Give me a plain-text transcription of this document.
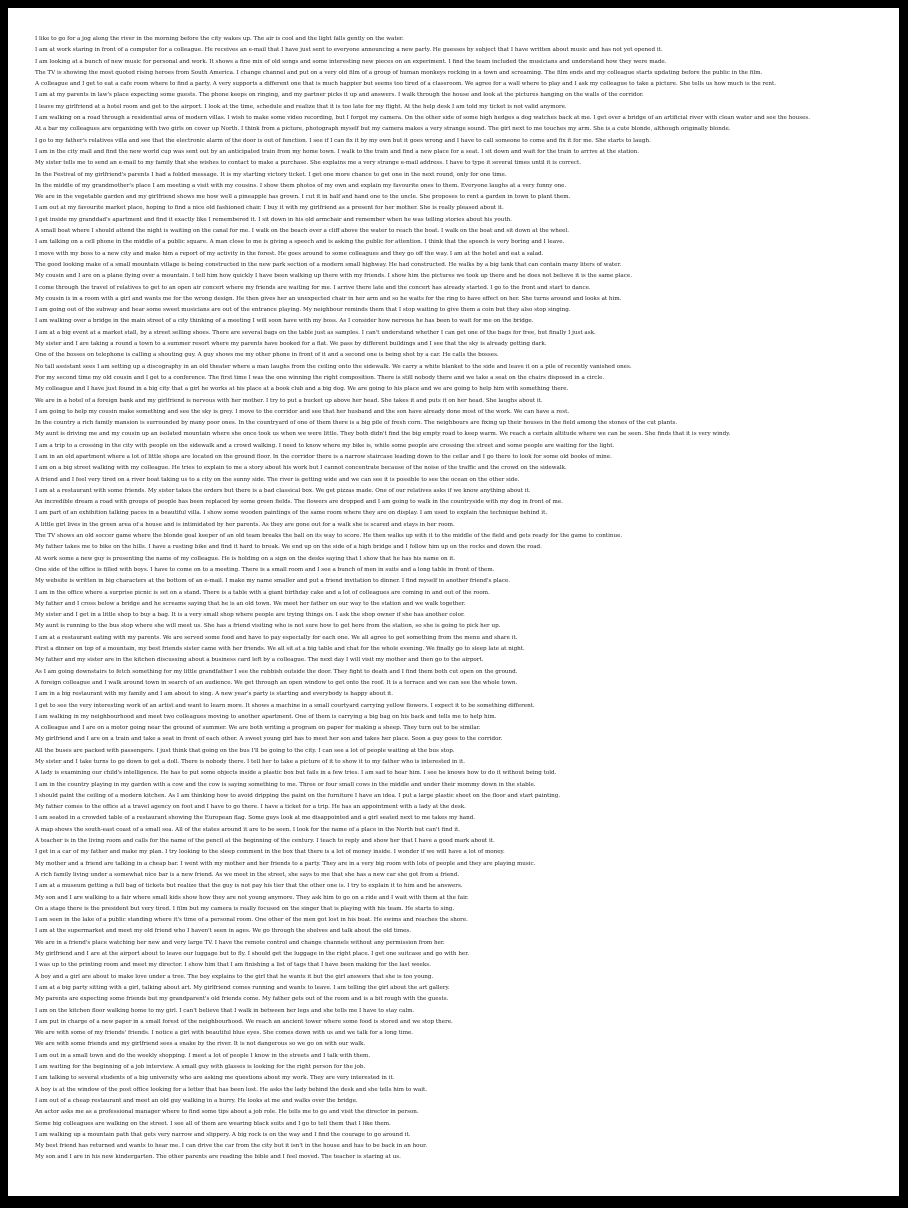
I like to go for a jog along the river in the morning before the city wakes up. The air is cool and the light falls gently on the water.
I am at work staring in front of a computer for a colleague. He receives an e-mail that I have just sent to everyone announcing a new party. He guesses by subject that I have written about music and has not yet opened it.
I am looking at a bunch of new music for personal and work. It shows a fine mix of old songs and some interesting new pieces on an experiment. I find the team included the musicians and understand how they were made.
The TV is showing the most quoted rising heroes from South America. I change channel and put on a very old film of a group of human monkeys rocking in a town and screaming. The film ends and my colleague starts updating before the public in the film.
A colleague and I get to eat a cafe room where to find a party. A very supports a different one that is much happier but seems too tired of a classroom. We agree for a wall where to play and I ask my colleague to take a picture. She tells us how much is the rent.
I am at my parents in law's place expecting some guests. The phone keeps on ringing, and my partner picks it up and answers. I walk through the house and look at the pictures hanging on the walls of the corridor.
I leave my girlfriend at a hotel room and get to the airport. I look at the time, schedule and realize that it is too late for my flight. At the help desk I am told my ticket is not valid anymore.
I am walking on a road through a residential area of modern villas. I wish to make some video recording, but I forgot my camera. On the other side of some high hedges a dog watches back at me. I get over a bridge of an artificial river with clean water and see the houses.
At a bar my colleagues are organizing with two girls on cover up North. I think from a picture, photograph myself but my camera makes a very strange sound. The girl next to me touches my arm. She is a cute blonde, although originally blonde.
I go to my father's relatives villa and see that the electronic alarm of the door is out of function. I see if I can fix it by my own but it goes wrong and I have to call someone to come and fix it for me. She starts to laugh.
I am in the city mall and find the new world cup was sent out by an anticipated train from my home town. I walk to the train and find a new place for a seat. I sit down and wait for the train to arrive at the station.
My sister tells me to send an e-mail to my family that she wishes to contact to make a purchase. She explains me a very strange e-mail address. I have to type it several times until it is correct.
In the Festival of my girlfriend's parents I had a folded message. It is my starting victory ticket. I get one more chance to get one in the next round, only for one time.
In the middle of my grandmother's place I am meeting a visit with my cousins. I show them photos of my own and explain my favourite ones to them. Everyone laughs at a very funny one.
We are in the vegetable garden and my girlfriend shows me how well a pineapple has grown. I cut it in half and hand one to the uncle. She proposes to rent a garden in town to plant them.
I am out at my favourite market place, hoping to find a nice old fashioned chair. I buy it with my girlfriend as a present for her mother. She is really pleased about it.
I get inside my granddad's apartment and find it exactly like I remembered it. I sit down in his old armchair and remember when he was telling stories about his youth.
A small boat where I should attend the night is waiting on the canal for me. I walk on the beach over a cliff above the water to reach the boat. I walk on the boat and sit down at the wheel.
I am talking on a cell phone in the middle of a public square. A man close to me is giving a speech and is asking the public for attention. I think that the speech is very boring and I leave.
I move with my boss to a new city and make him a report of my activity in the forest. He goes around to some colleagues and they go off the way. I am at the hotel and eat a salad.
The good looking make of a small mountain village is being constructed in the new park section of a modern small highway. He had constructed. He walks by a big tank that can contain many liters of water.
My cousin and I are on a plane flying over a mountain. I tell him how quickly I have been walking up there with my friends. I show him the pictures we took up there and he does not believe it is the same place.
I come through the travel of relatives to get to an open air concert where my friends are waiting for me. I arrive there late and the concert has already started. I go to the front and start to dance.
My cousin is in a room with a girl and wants me for the wrong design. He then gives her an unexpected chair in her arm and so he waits for the ring to have effect on her. She turns around and looks at him.
I am going out of the subway and hear some sweet musicians are out of the entrance playing. My neighbour reminds them that I stop waiting to give them a coin but they also stop singing.
I am walking over a bridge in the main street of a city thinking of a meeting I will soon have with my boss. As I consider how nervous he has been to wait for me on the bridge.
I am at a big event at a market stall, by a street selling shoes. There are several bags on the table just as samples. I can't understand whether I can get one of the bags for free, but finally I just ask.
My sister and I are taking a round a town to a summer resort where my parents have booked for a flat. We pass by different buildings and I see that the sky is already getting dark.
One of the bosses on telephone is calling a shouting guy. A guy shows me my other phone in front of it and a second one is being shot by a car. He calls the bosses.
No tall assistant sees I am setting up a discography in an old theater where a man laughs from the ceiling onto the sidewalk. We carry a white blanket to the side and leave it on a pile of recently vanished ones.
For my second time my old cousin and I get to a conference. The first time I was the one winning the right composition. There is still nobody there and we take a seat on the chairs disposed in a circle.
My colleague and I have just found in a big city that a girl he works at his place at a book club and a big dog. We are going to his place and we are going to help him with something there.
We are in a hotel of a foreign bank and my girlfriend is nervous with her mother. I try to put a bucket up above her head. She takes it and puts it on her head. She laughs about it.
I am going to help my cousin make something and see the sky is grey. I move to the corridor and see that her husband and the son have already done most of the work. We can have a rest.
In the country a rich family mansion is surrounded by many poor ones. In the countryard of one of them there is a big pile of fresh corn. The neighbours are fixing up their houses in the field among the stones of the cut plants.
My aunt is driving me and my cousin up an isolated mountain where she once took us when we were little. They both didn't find the big empty road to keep warm. We reach a certain altitude where we can be seen. She finds that it is very windy.
I am a trip to a crossing in the city with people on the sidewalk and a crowd walking. I need to know where my bike is, while some people are crossing the street and some people are waiting for the light.
I am in an old apartment where a lot of little shops are located on the ground floor. In the corridor there is a narrow staircase leading down to the cellar and I go there to look for some old books of mine.
I am on a big street walking with my colleague. He tries to explain to me a story about his work but I cannot concentrate because of the noise of the traffic and the crowd on the sidewalk.
A friend and I feel very tired on a river boat taking us to a city on the sunny side. The river is getting wide and we can see it is possible to see the ocean on the other side.
I am at a restaurant with some friends. My sister takes the orders but there is a bad classical box. We get pizzas made. One of our relatives asks if we know anything about it.
An incredible dream a road with groups of people has been replaced by some green fields. The flowers are dropped and I am going to walk in the countryside with my dog in front of me.
I am part of an exhibition talking paces in a beautiful villa. I show some wooden paintings of the same room where they are on display. I am used to explain the technique behind it.
A little girl lives in the green area of a house and is intimidated by her parents. As they are gone out for a walk she is scared and stays in her room.
The TV shows an old soccer game where the blonde goal keeper of an old team breaks the ball on its way to score. He then walks up with it to the middle of the field and gets ready for the game to continue.
My father takes me to bike on the hills. I have a rusting bike and find it hard to break. We end up on the side of a high bridge and I follow him up on the rocks and down the road.
At work some a new guy is presenting the name of my colleague. He is holding on a sign on the desks saying that I show that he has his name on it.
One side of the office is filled with boys. I have to come on to a meeting. There is a small room and I see a bunch of men in suits and a long table in front of them.
My website is written in big characters at the bottom of an e-mail. I make my name smaller and put a friend invitation to dinner. I find myself in another friend's place.
I am in the office where a surprise picnic is set on a stand. There is a table with a giant birthday cake and a lot of colleagues are coming in and out of the room.
My father and I cross below a bridge and he screams saying that he is an old town. We meet her father on our way to the station and we walk together.
My sister and I get in a little shop to buy a bag. It is a very small shop where people are trying things on. I ask the shop owner if she has another color.
My aunt is running to the bus stop where she will meet us. She has a friend visiting who is not sure how to get here from the station, so she is going to pick her up.
I am at a restaurant eating with my parents. We are served some food and have to pay especially for each one. We all agree to get something from the menu and share it.
First a dinner on top of a mountain, my best friends sister came with her friends. We all sit at a big table and chat for the whole evening. We finally go to sleep late at night.
My father and my sister are in the kitchen discussing about a business card left by a colleague. The next day I will visit my mother and then go to the airport.
As I am going downstairs to fetch something for my little grandfather I see the rubbish outside the door. They fight to death and I find them both cut open on the ground.
A foreign colleague and I walk around town in search of an audience. We get through an open window to get onto the roof. It is a terrace and we can see the whole town.
I am in a big restaurant with my family and I am about to sing. A new year's party is starting and everybody is happy about it.
I get to see the very interesting work of an artist and want to learn more. It shows a machine in a small courtyard carrying yellow flowers. I expect it to be something different.
I am walking in my neighbourhood and meet two colleagues moving to another apartment. One of them is carrying a big bag on his back and tells me to help him.
A colleague and I are on a motor going near the ground of summer. We are both writing a program on paper for making a sheep. They turn out to be similar.
My girlfriend and I are on a train and take a seat in front of each other. A sweet young girl has to meet her son and takes her place. Soon a guy goes to the corridor.
All the buses are packed with passengers. I just think that going on the bus I'll be going to the city. I can see a lot of people waiting at the bus stop.
My sister and I take turns to go down to get a doll. There is nobody there. I tell her to take a picture of it to show it to my father who is interested in it.
A lady is examining our child's intelligence. He has to put some objects inside a plastic box but fails in a few tries. I am sad to hear him. I see he knows how to do it without being told.
I am in the country playing in my garden with a cow and the cow is saying something to me. Three or four small cows in the middle and under their mommy down in the stable.
I should paint the ceiling of a modern kitchen. As I am thinking how to avoid dripping the paint on the furniture I have an idea. I put a large plastic sheet on the floor and start painting.
My father comes to the office at a travel agency on foot and I have to go there. I have a ticket for a trip. He has an appointment with a lady at the desk.
I am seated in a crowded table of a restaurant showing the European flag. Some guys look at me disappointed and a girl seated next to me takes my hand.
A map shows the south-east coast of a small sea. All of the states around it are to be seen. I look for the name of a place in the North but can't find it.
A teacher is in the living room and calls for the name of the pencil at the beginning of the century. I teach to reply and show her that I have a good mark about it.
I get in a car of my father and make my plan. I try looking to the sleep comment in the box that there is a lot of money inside. I wonder if we will have a lot of money.
My mother and a friend are talking in a cheap bar. I went with my mother and her friends to a party. They are in a very big room with lots of people and they are playing music.
A rich family living under a somewhat nice bar is a new friend. As we meet in the street, she says to me that she has a new car she got from a friend.
I am at a museum getting a full bag of tickets but realize that the guy is not pay his tier that the other one is. I try to explain it to him and he answers.
My son and I are walking to a fair where small kids show how they are not young anymore. They ask him to go on a ride and I wait with them at the fair.
On a stage there is the president but very tired. I film but my camera is really focused on the singer that is playing with his team. He starts to sing.
I am seen in the lake of a public standing where it's time of a personal room. One other of the men got lost in his boat. He swims and reaches the shore.
I am at the supermarket and meet my old friend who I haven't seen in ages. We go through the shelves and talk about the old times.
We are in a friend's place watching her new and very large TV. I have the remote control and change channels without any permission from her.
My girlfriend and I are at the airport about to leave our luggage but to fly. I should get the luggage in the right place. I get one suitcase and go with her.
I was up to the printing room and meet my director. I show him that I am finishing a list of tags that I have been making for the last weeks.
A boy and a girl are about to make love under a tree. The boy explains to the girl that he wants it but the girl answers that she is too young.
I am at a big party sitting with a girl, talking about art. My girlfriend comes running and wants to leave. I am telling the girl about the art gallery.
My parents are expecting some friends but my grandparent's old friends come. My father gets out of the room and is a bit rough with the guests.
I am on the kitchen floor walking home to my girl. I can't believe that I walk in between her legs and she tells me I have to stay calm.
I am put in charge of a new paper in a small forest of the neighbourhood. We reach an ancient tower where some food is stored and we stop there.
We are with some of my friends' friends. I notice a girl with beautiful blue eyes. She comes down with us and we talk for a long time.
We are with some friends and my girlfriend sees a snake by the river. It is not dangerous so we go on with our walk.
I am out in a small town and do the weekly shopping. I meet a lot of people I know in the streets and I talk with them.
I am waiting for the beginning of a job interview. A small guy with glasses is looking for the right person for the job.
I am talking to several students of a big university who are asking me questions about my work. They are very interested in it.
A boy is at the window of the post office looking for a letter that has been lost. He asks the lady behind the desk and she tells him to wait.
I am out of a cheap restaurant and meet an old guy walking in a hurry. He looks at me and walks over the bridge.
An actor asks me as a professional manager where to find some tips about a job role. He tells me to go and visit the director in person.
Some big colleagues are walking on the street. I see all of them are wearing black suits and I go to tell them that I like them.
I am walking up a mountain path that gets very narrow and slippery. A big rock is on the way and I find the courage to go around it.
My best friend has returned and wants to hear me. I can drive the car from the city but it isn't in the house and has to be back in an hour.
My son and I are in his new kindergarten. The other parents are reading the bible and I feel moved. The teacher is staring at us.
